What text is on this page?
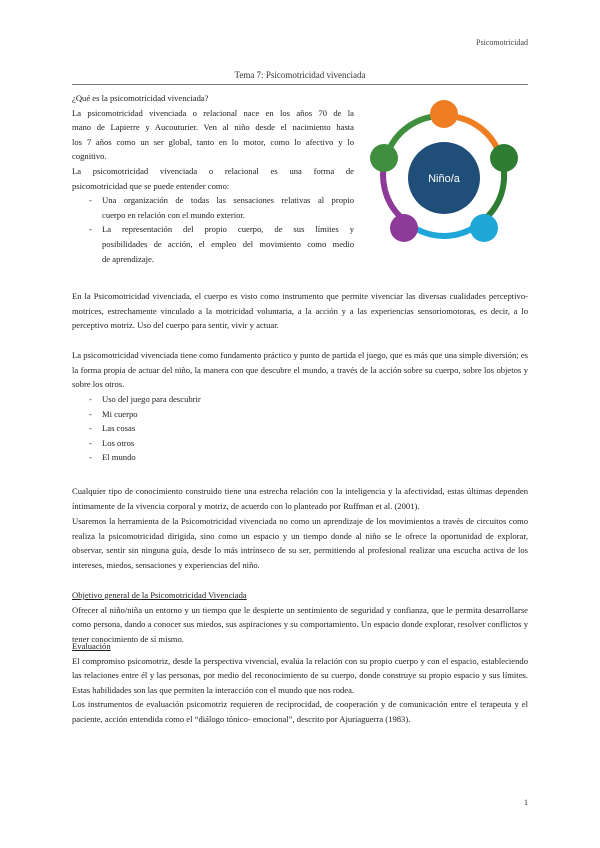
Psicomotricidad
Tema 7: Psicomotricidad vivenciada
¿Qué es la psicomotricidad vivenciada?
La psicomotricidad vivenciada o relacional nace en los años 70 de la
mano de Lapierre y Aucouturier. Ven al niño desde el nacimiento hasta
los 7 años como un ser global, tanto en lo motor, como lo afectivo y lo
cognitivo.
La psicomotricidad vivenciada o relacional es una forma de
psicomotricidad que se puede entender como:
- Una organización de todas las sensaciones relativas al propio
cuerpo en relación con el mundo exterior.
- La representación del propio cuerpo, de sus límites y
posibilidades de acción, el empleo del movimiento como medio
de aprendizaje.
Niño/a
En la Psicomotricidad vivenciada, el cuerpo es visto como instrumento que permite vivenciar las diversas cualidades perceptivo-motrices, estrechamente vinculado a la motricidad voluntaria, a la acción y a las experiencias sensoriomotoras, es decir, a lo perceptivo motriz. Uso del cuerpo para sentir, vivir y actuar.
La psicomotricidad vivenciada tiene como fundamento práctico y punto de partida el juego, que es más que una simple diversión; es la forma propia de actuar del niño, la manera con que descubre el mundo, a través de la acción sobre su cuerpo, sobre los objetos y sobre los otros.
- Uso del juego para descubrir
- Mi cuerpo
- Las cosas
- Los otros
- El mundo
Cualquier tipo de conocimiento construido tiene una estrecha relación con la inteligencia y la afectividad, estas últimas dependen íntimamente de la vivencia corporal y motriz, de acuerdo con lo planteado por Ruffman et al. (2001).
Usaremos la herramienta de la Psicomotricidad vivenciada no como un aprendizaje de los movimientos a través de circuitos como realiza la psicomotricidad dirigida, sino como un espacio y un tiempo donde al niño se le ofrece la oportunidad de explorar, observar, sentir sin ninguna guía, desde lo más intrínseco de su ser, permitiendo al profesional realizar una escucha activa de los intereses, miedos, sensaciones y experiencias del niño.
Objetivo general de la Psicomotricidad Vivenciada
Ofrecer al niño/niña un entorno y un tiempo que le despierte un sentimiento de seguridad y confianza, que le permita desarrollarse como persona, dando a conocer sus miedos, sus aspiraciones y su comportamiento. Un espacio donde explorar, resolver conflictos y tener conocimiento de sí mismo.
Evaluación
El compromiso psicomotriz, desde la perspectiva vivencial, evalúa la relación con su propio cuerpo y con el espacio, estableciendo las relaciones entre él y las personas, por medio del reconocimiento de su cuerpo, donde construye su propio espacio y sus límites. Estas habilidades son las que permiten la interacción con el mundo que nos rodea.
Los instrumentos de evaluación psicomotriz requieren de reciprocidad, de cooperación y de comunicación entre el terapeuta y el paciente, acción entendida como el “diálogo tónico- emocional”, descrito por Ajuriaguerra (1983).
1
